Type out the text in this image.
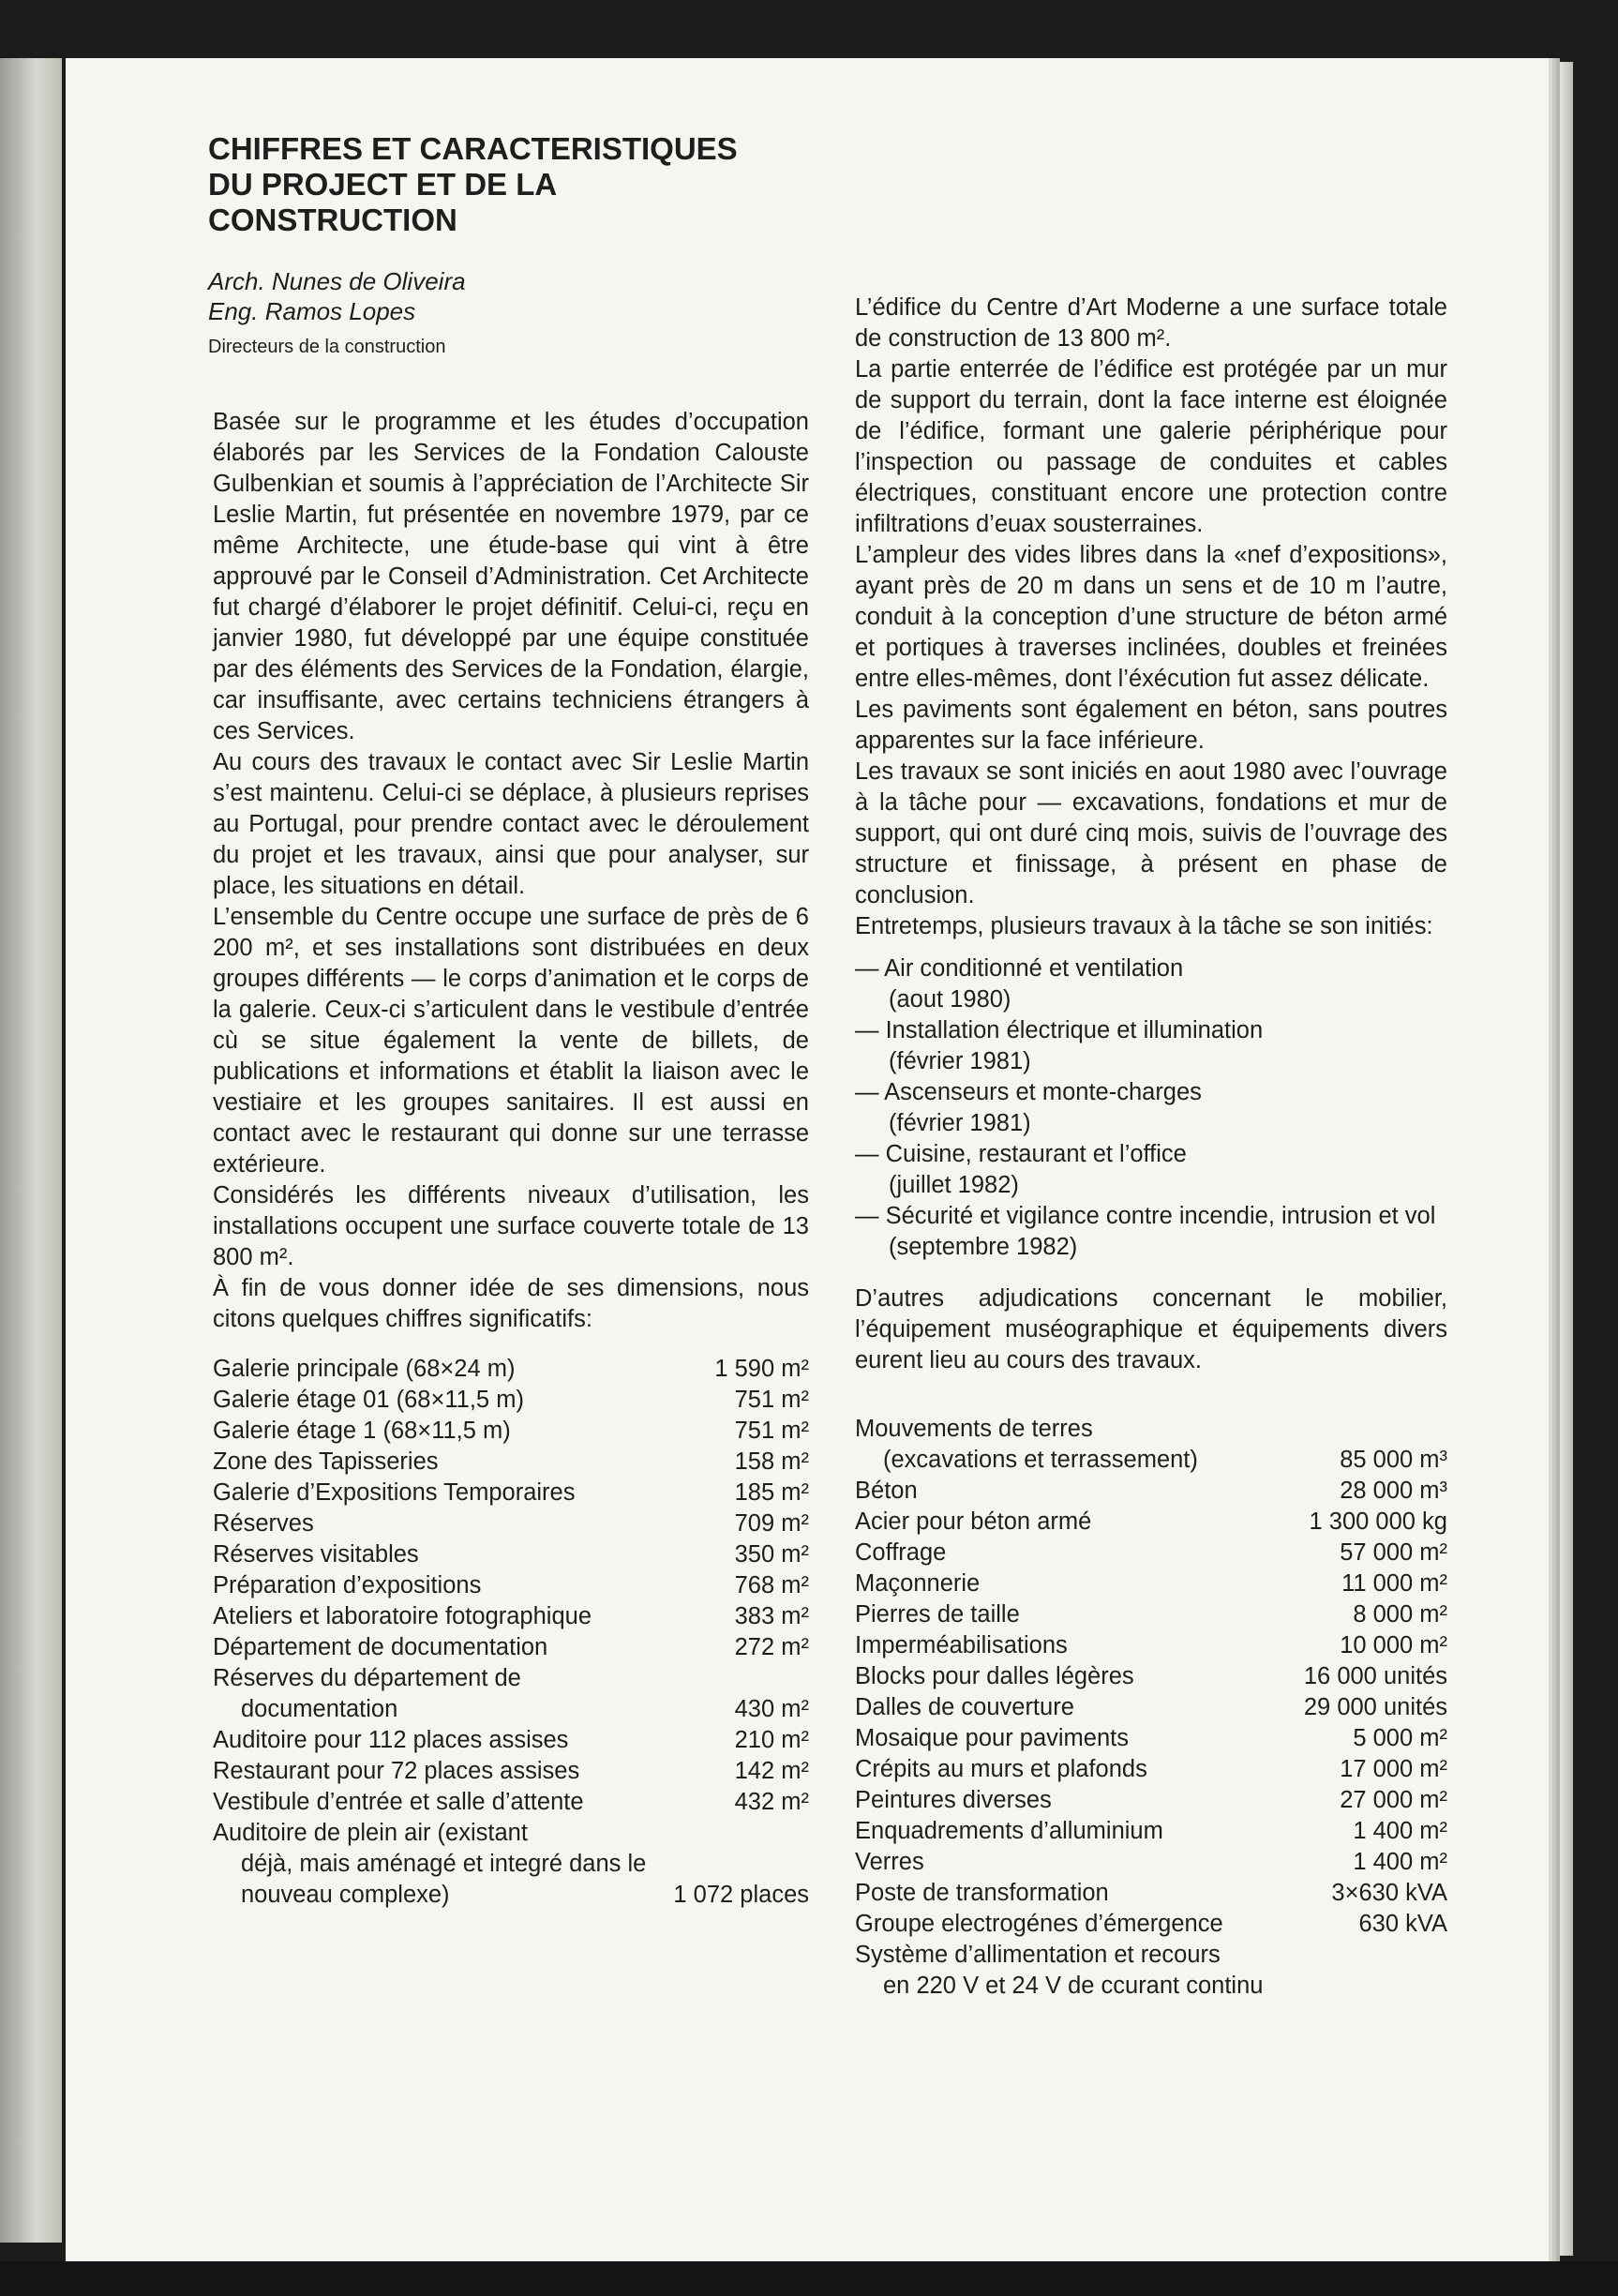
CHIFFRES ET CARACTERISTIQUES
DU PROJECT ET DE LA
CONSTRUCTION
Arch. Nunes de Oliveira
Eng. Ramos Lopes
Directeurs de la construction

Basée sur le programme et les études d’occupation élaborés par les Services de la Fondation Calouste Gulbenkian et soumis à l’appréciation de l’Architecte Sir Leslie Martin, fut présentée en novembre 1979, par ce même Architecte, une étude-base qui vint à être approuvé par le Conseil d’Administration. Cet Architecte fut chargé d’élaborer le projet définitif. Celui-ci, reçu en janvier 1980, fut développé par une équipe constituée par des éléments des Services de la Fondation, élargie, car insuffisante, avec certains techniciens étrangers à ces Services.

Au cours des travaux le contact avec Sir Leslie Martin s’est maintenu. Celui-ci se déplace, à plusieurs reprises au Portugal, pour prendre contact avec le déroulement du projet et les travaux, ainsi que pour analyser, sur place, les situations en détail.

L’ensemble du Centre occupe une surface de près de 6 200 m², et ses installations sont distribuées en deux groupes différents — le corps d’animation et le corps de la galerie. Ceux-ci s’articulent dans le vestibule d’entrée cù se situe également la vente de billets, de publications et informations et établit la liaison avec le vestiaire et les groupes sanitaires. Il est aussi en contact avec le restaurant qui donne sur une terrasse extérieure.

Considérés les différents niveaux d’utilisation, les installations occupent une surface couverte totale de 13 800 m².

À fin de vous donner idée de ses dimensions, nous citons quelques chiffres significatifs:

Galerie principale (68×24 m)	1 590 m²
Galerie étage 01 (68×11,5 m)	751 m²
Galerie étage 1 (68×11,5 m)	751 m²
Zone des Tapisseries	158 m²
Galerie d’Expositions Temporaires	185 m²
Réserves	709 m²
Réserves visitables	350 m²
Préparation d’expositions	768 m²
Ateliers et laboratoire fotographique	383 m²
Département de documentation	272 m²
Réserves du département de
documentation	430 m²
Auditoire pour 112 places assises	210 m²
Restaurant pour 72 places assises	142 m²
Vestibule d’entrée et salle d’attente	432 m²
Auditoire de plein air (existant
déjà, mais aménagé et integré dans le nouveau complexe)	1 072 places

L’édifice du Centre d’Art Moderne a une surface totale de construction de 13 800 m².

La partie enterrée de l’édifice est protégée par un mur de support du terrain, dont la face interne est éloignée de l’édifice, formant une galerie périphérique pour l’inspection ou passage de conduites et cables électriques, constituant encore une protection contre infiltrations d’euax sousterraines.

L’ampleur des vides libres dans la «nef d’expositions», ayant près de 20 m dans un sens et de 10 m l’autre, conduit à la conception d’une structure de béton armé et portiques à traverses inclinées, doubles et freinées entre elles-mêmes, dont l’éxécution fut assez délicate.

Les paviments sont également en béton, sans poutres apparentes sur la face inférieure.

Les travaux se sont iniciés en aout 1980 avec l’ouvrage à la tâche pour — excavations, fondations et mur de support, qui ont duré cinq mois, suivis de l’ouvrage des structure et finissage, à présent en phase de conclusion.

Entretemps, plusieurs travaux à la tâche se son initiés:

— Air conditionné et ventilation
(aout 1980)
— Installation électrique et illumination
(février 1981)
— Ascenseurs et monte-charges
(février 1981)
— Cuisine, restaurant et l’office
(juillet 1982)
— Sécurité et vigilance contre incendie, intrusion et vol
(septembre 1982)

D’autres adjudications concernant le mobilier, l’équipement muséographique et équipements divers eurent lieu au cours des travaux.

Mouvements de terres
(excavations et terrassement)	85 000 m³
Béton	28 000 m³
Acier pour béton armé	1 300 000 kg
Coffrage	57 000 m²
Maçonnerie	11 000 m²
Pierres de taille	8 000 m²
Imperméabilisations	10 000 m²
Blocks pour dalles légères	16 000 unités
Dalles de couverture	29 000 unités
Mosaique pour paviments	5 000 m²
Crépits au murs et plafonds	17 000 m²
Peintures diverses	27 000 m²
Enquadrements d’alluminium	1 400 m²
Verres	1 400 m²
Poste de transformation	3×630 kVA
Groupe electrogénes d’émergence	630 kVA
Système d’allimentation et recours
en 220 V et 24 V de ccurant continu	
